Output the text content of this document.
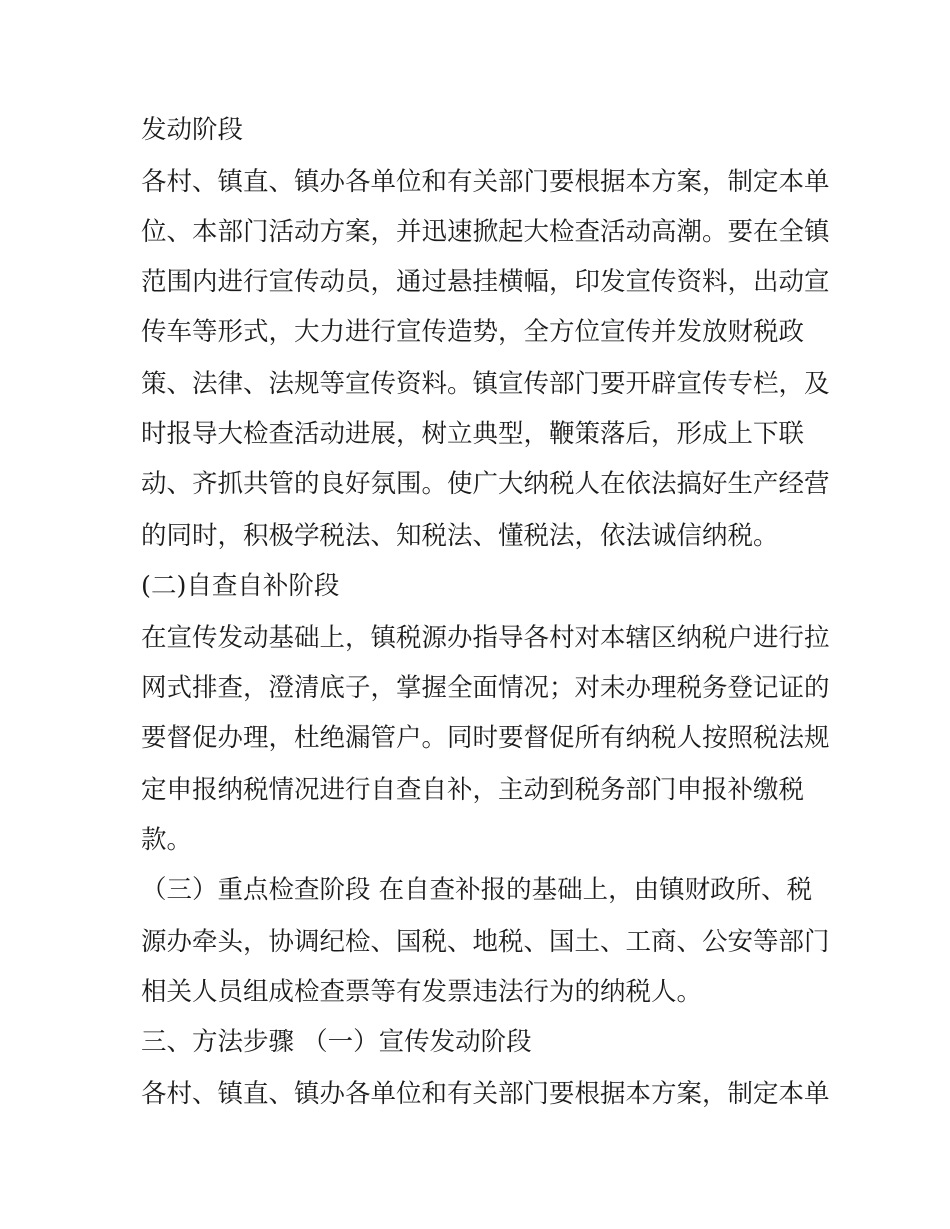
发动阶段
各村、镇直、镇办各单位和有关部门要根据本方案，制定本单
位、本部门活动方案，并迅速掀起大检查活动高潮。要在全镇
范围内进行宣传动员，通过悬挂横幅，印发宣传资料，出动宣
传车等形式，大力进行宣传造势，全方位宣传并发放财税政
策、法律、法规等宣传资料。镇宣传部门要开辟宣传专栏，及
时报导大检查活动进展，树立典型，鞭策落后，形成上下联
动、齐抓共管的良好氛围。使广大纳税人在依法搞好生产经营
的同时，积极学税法、知税法、懂税法，依法诚信纳税。
(二)自查自补阶段
在宣传发动基础上，镇税源办指导各村对本辖区纳税户进行拉
网式排查，澄清底子，掌握全面情况；对未办理税务登记证的
要督促办理，杜绝漏管户。同时要督促所有纳税人按照税法规
定申报纳税情况进行自查自补，主动到税务部门申报补缴税
款。
（三）重点检查阶段 在自查补报的基础上，由镇财政所、税
源办牵头，协调纪检、国税、地税、国土、工商、公安等部门
相关人员组成检查票等有发票违法行为的纳税人。
三、方法步骤 （一）宣传发动阶段
各村、镇直、镇办各单位和有关部门要根据本方案，制定本单
